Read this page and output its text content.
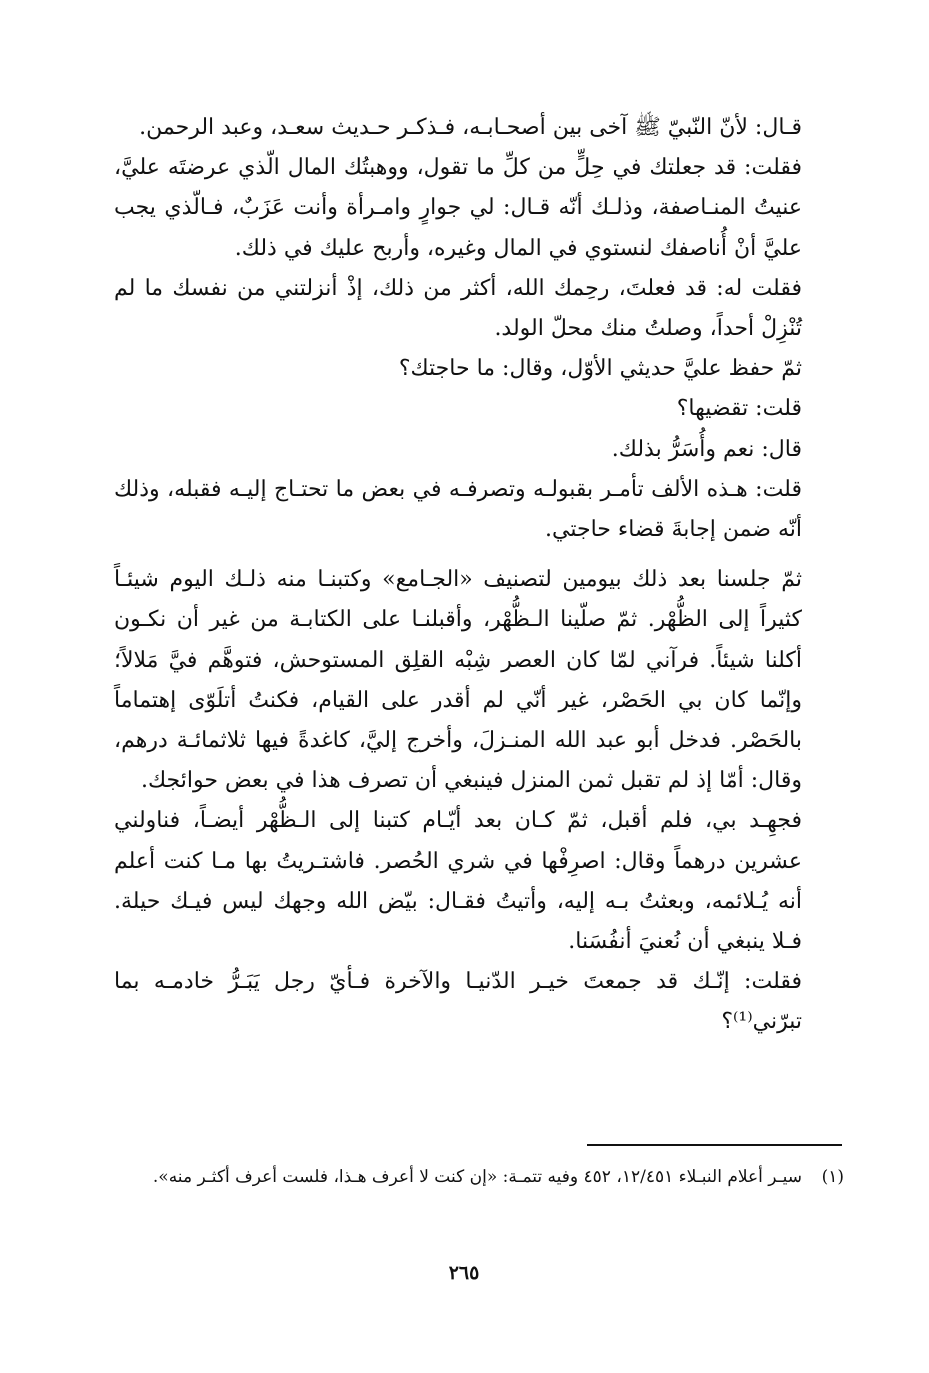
قـال: لأنّ النّبيّ ﷺ آخى بين أصحـابـه، فـذكـر حـديث سعـد، وعبد الرحمن.

فقلت: قد جعلتك في حِلٍّ من كلِّ ما تقول، ووهبتُك المال الّذي عرضتَه عليَّ، عنيتُ المنـاصفة، وذلـك أنّه قـال: لي جوارٍ وامـرأة وأنت عَزَبٌ، فـالّذي يجب عليَّ أنْ أُناصفك لنستوي في المال وغيره، وأربح عليك في ذلك.

فقلت له: قد فعلتَ، رحِمك الله، أكثر من ذلك، إذْ أنزلتني من نفسك ما لم تُنْزِلْ أحداً، وصلتُ منك محلّ الولد.

ثمّ حفظ عليَّ حديثي الأوّل، وقال: ما حاجتك؟

قلت: تقضيها؟

قال: نعم وأُسَرُّ بذلك.

قلت: هـذه الألف تأمـر بقبولـه وتصرفـه في بعض ما تحتـاج إليـه فقبله، وذلك أنّه ضمن إجابةَ قضاء حاجتي.

ثمّ جلسنا بعد ذلك بيومين لتصنيف «الجـامع» وكتبنـا منه ذلـك اليوم شيئـاً كثيراً إلى الظُّهْر. ثمّ صلّينا الـظُّهْر، وأقبلنـا على الكتابـة من غير أن نكـون أكلنا شيئاً. فرآني لمّا كان العصر شِبْه القلِق المستوحش، فتوهَّم فيَّ مَلالاً؛ وإنّما كان بي الحَصْر، غير أنّي لم أقدر على القيام، فكنتُ أتلَوّى إهتماماً بالحَصْر. فدخل أبو عبد الله المنـزلَ، وأخرج إليَّ، كاغدةً فيها ثلاثمائـة درهم، وقال: أمّا إذ لم تقبل ثمن المنزل فينبغي أن تصرف هذا في بعض حوائجك.

فجهِـد بي، فلم أقبل، ثمّ كـان بعد أيّـام كتبنا إلى الـظُّهْر أيضـاً، فناولني عشرين درهماً وقال: اصرِفْها في شري الحُصر. فاشتـريتُ بها مـا كنت أعلم أنه يُـلائمه، وبعثتُ بـه إليه، وأتيتُ فقـال: بيّض الله وجهك ليس فيـك حيلة. فـلا ينبغي أن نُعنيَ أنفُسَنا.

فقلت: إنّـك قد جمعتَ خيـر الدّنيـا والآخرة فـأيّ رجل يَبَـرُّ خادمـه بما تبرّني⁽¹⁾؟

(١)
سيـر أعلام النبـلاء ١٢/٤٥١، ٤٥٢ وفيه تتمـة: «إن كنت لا أعرف هـذا، فلست أعرف أكثـر منه».
٢٦٥
